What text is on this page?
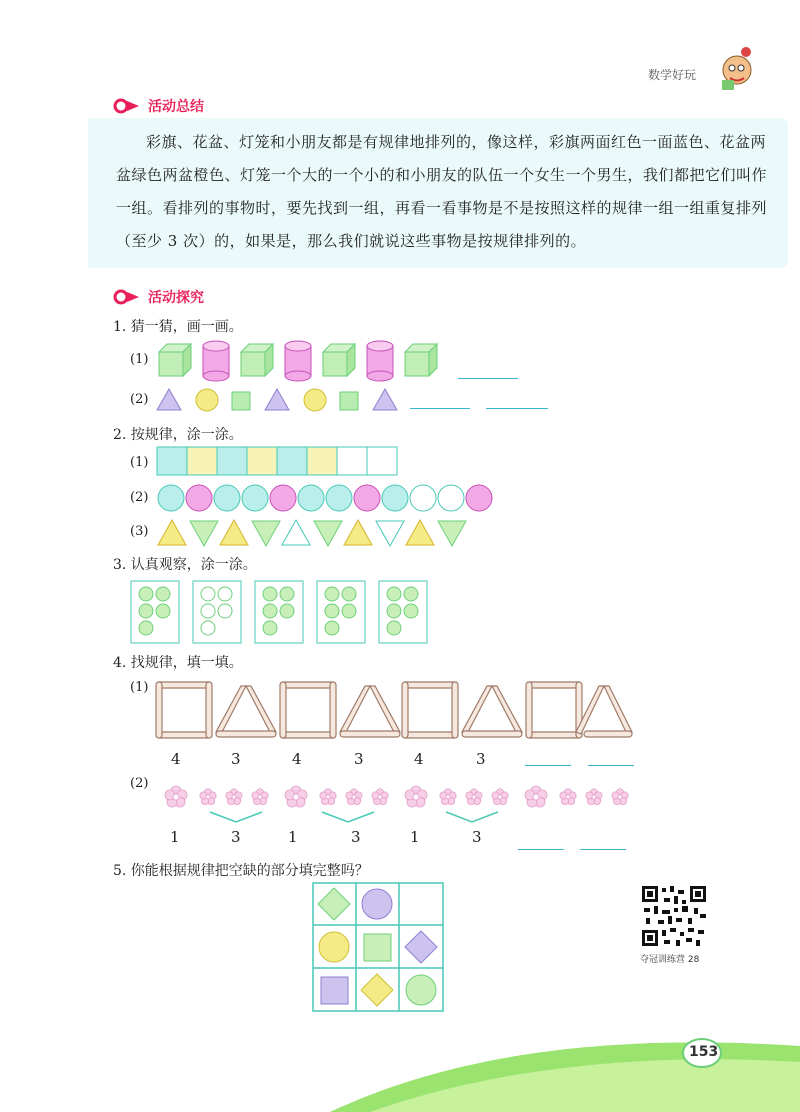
数学好玩
活动总结

彩旗、花盆、灯笼和小朋友都是有规律地排列的，像这样，彩旗两面红色一面蓝色、花盆两盆绿色两盆橙色、灯笼一个大的一个小的和小朋友的队伍一个女生一个男生，我们都把它们叫作一组。看排列的事物时，要先找到一组，再看一看事物是不是按照这样的规律一组一组重复排列（至少 3 次）的，如果是，那么我们就说这些事物是按规律排列的。

活动探究
1. 猜一猜，画一画。
(1)
(2)
2. 按规律，涂一涂。
(1)
(2)
(3)
3. 认真观察，涂一涂。
4. 找规律，填一填。
(1)
4	3	4	3	4	3
(2)
1	3	1	3	1	3
5. 你能根据规律把空缺的部分填完整吗？
夺冠训练营 28
153
